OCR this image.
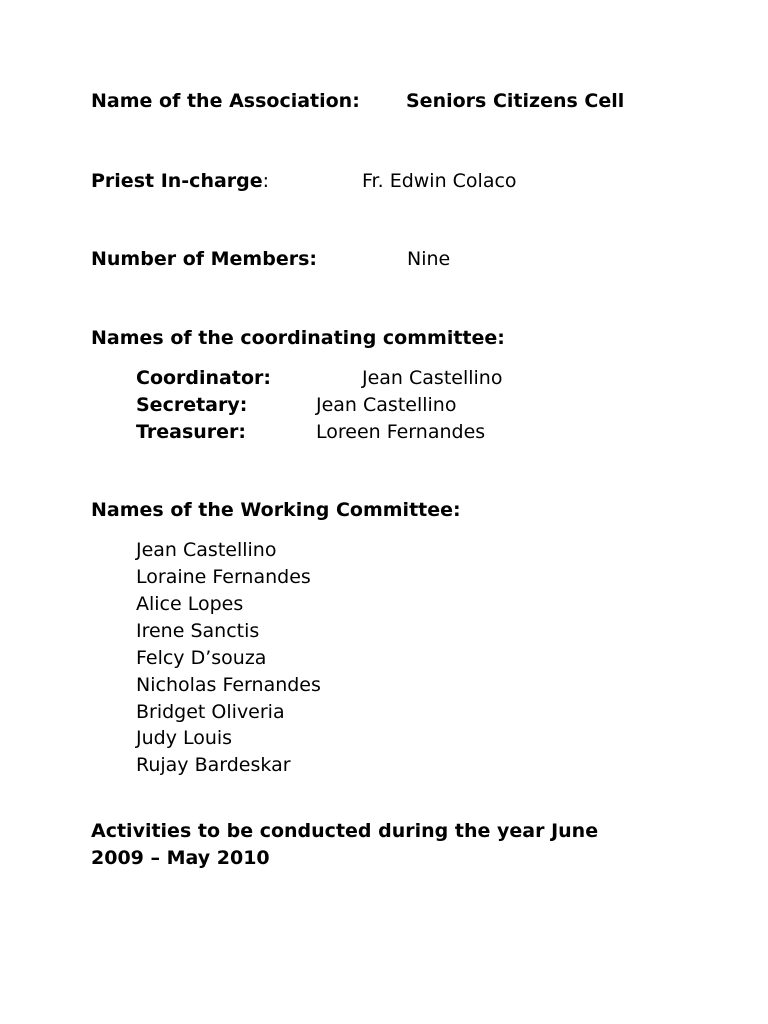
Name of the Association: Seniors Citizens Cell
Priest In-charge:	Fr. Edwin Colaco
Number of Members:	Nine
Names of the coordinating committee:
Coordinator:	Jean Castellino
Secretary:	Jean Castellino
Treasurer:	Loreen Fernandes
Names of the Working Committee:
Jean Castellino
Loraine Fernandes
Alice Lopes
Irene Sanctis
Felcy D’souza
Nicholas Fernandes
Bridget Oliveria
Judy Louis
Rujay Bardeskar
Activities to be conducted during the year June
2009 – May 2010
